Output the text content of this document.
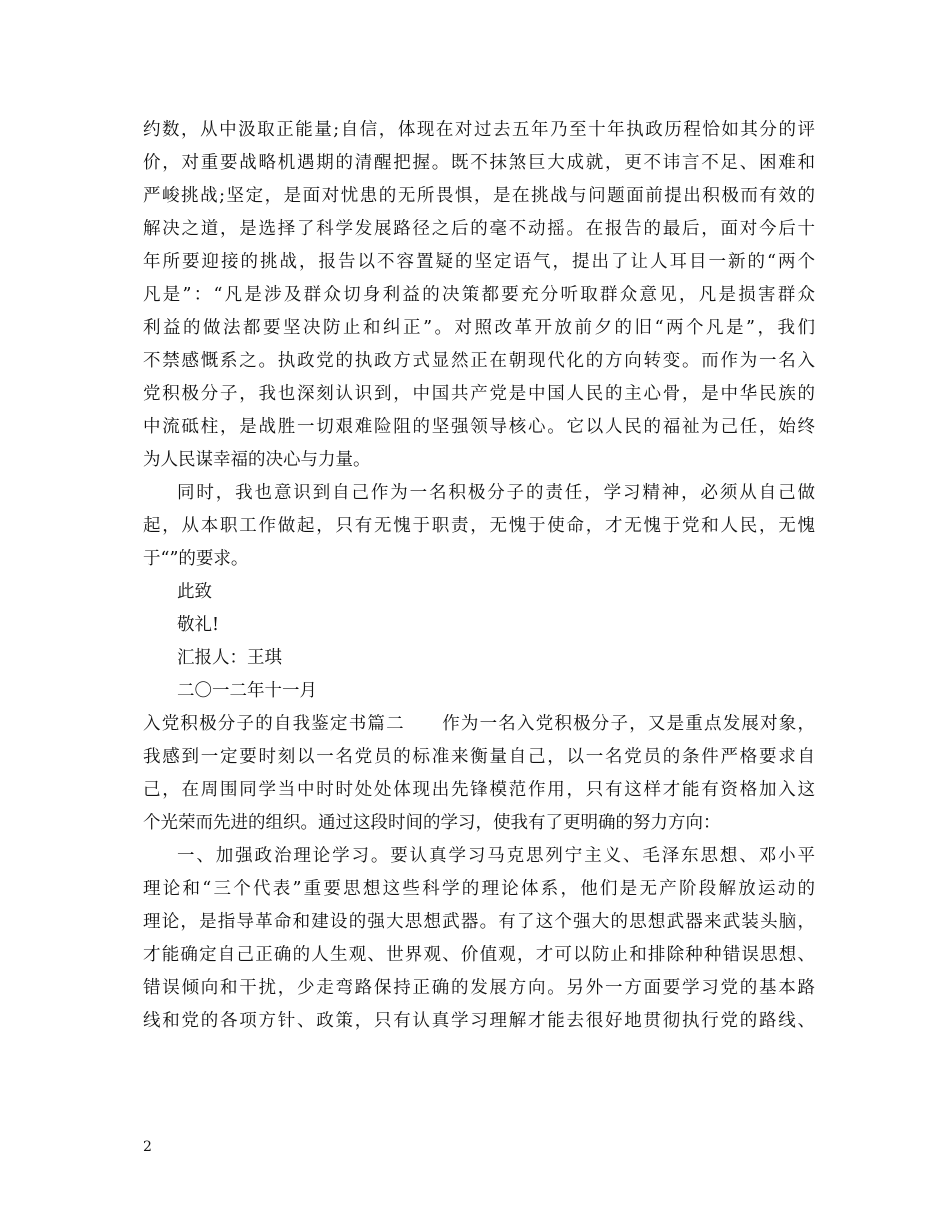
约数，从中汲取正能量;自信，体现在对过去五年乃至十年执政历程恰如其分的评
价，对重要战略机遇期的清醒把握。既不抹煞巨大成就，更不讳言不足、困难和
严峻挑战;坚定，是面对忧患的无所畏惧，是在挑战与问题面前提出积极而有效的
解决之道，是选择了科学发展路径之后的毫不动摇。在报告的最后，面对今后十
年所要迎接的挑战，报告以不容置疑的坚定语气，提出了让人耳目一新的“两个
凡是”：“凡是涉及群众切身利益的决策都要充分听取群众意见，凡是损害群众
利益的做法都要坚决防止和纠正”。对照改革开放前夕的旧“两个凡是”，我们
不禁感慨系之。执政党的执政方式显然正在朝现代化的方向转变。而作为一名入
党积极分子，我也深刻认识到，中国共产党是中国人民的主心骨，是中华民族的
中流砥柱，是战胜一切艰难险阻的坚强领导核心。它以人民的福祉为己任，始终
为人民谋幸福的决心与力量。
同时，我也意识到自己作为一名积极分子的责任，学习精神，必须从自己做
起，从本职工作做起，只有无愧于职责，无愧于使命，才无愧于党和人民，无愧
于“”的要求。
此致
敬礼!
汇报人：王琪
二〇一二年十一月
入党积极分子的自我鉴定书篇二　　作为一名入党积极分子，又是重点发展对象，
我感到一定要时刻以一名党员的标准来衡量自己，以一名党员的条件严格要求自
己，在周围同学当中时时处处体现出先锋模范作用，只有这样才能有资格加入这
个光荣而先进的组织。通过这段时间的学习，使我有了更明确的努力方向：
一、加强政治理论学习。要认真学习马克思列宁主义、毛泽东思想、邓小平
理论和“三个代表”重要思想这些科学的理论体系，他们是无产阶段解放运动的
理论，是指导革命和建设的强大思想武器。有了这个强大的思想武器来武装头脑，
才能确定自己正确的人生观、世界观、价值观，才可以防止和排除种种错误思想、
错误倾向和干扰，少走弯路保持正确的发展方向。另外一方面要学习党的基本路
线和党的各项方针、政策，只有认真学习理解才能去很好地贯彻执行党的路线、
2
